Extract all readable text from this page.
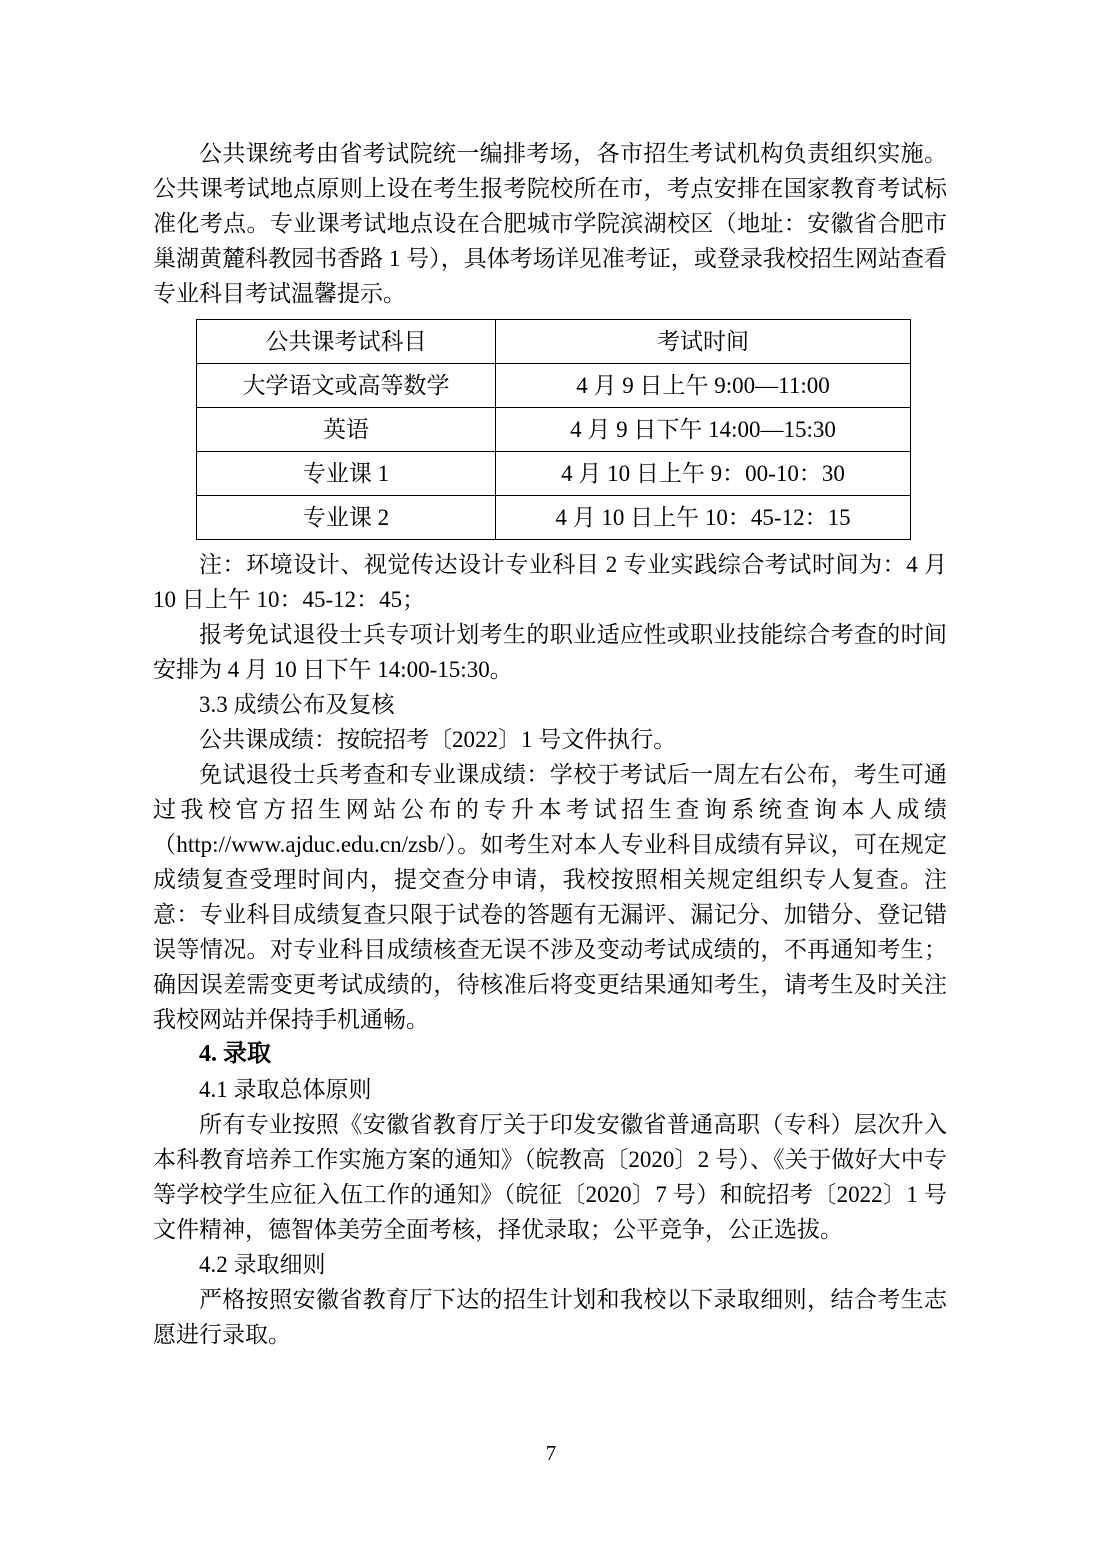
公共课统考由省考试院统一编排考场，各市招生考试机构负责组织实施。公共课考试地点原则上设在考生报考院校所在市，考点安排在国家教育考试标准化考点。专业课考试地点设在合肥城市学院滨湖校区（地址：安徽省合肥市巢湖黄麓科教园书香路 1 号），具体考场详见准考证，或登录我校招生网站查看专业科目考试温馨提示。

公共课考试科目	考试时间
大学语文或高等数学	4 月 9 日上午 9:00—11:00
英语	4 月 9 日下午 14:00—15:30
专业课 1	4 月 10 日上午 9：00-10：30
专业课 2	4 月 10 日上午 10：45-12：15

注：环境设计、视觉传达设计专业科目 2 专业实践综合考试时间为：4 月 10 日上午 10：45-12：45；

报考免试退役士兵专项计划考生的职业适应性或职业技能综合考查的时间安排为 4 月 10 日下午 14:00-15:30。

3.3 成绩公布及复核

公共课成绩：按皖招考〔2022〕1 号文件执行。

免试退役士兵考查和专业课成绩：学校于考试后一周左右公布，考生可通过我校官方招生网站公布的专升本考试招生查询系统查询本人成绩（http://www.ajduc.edu.cn/zsb/）。如考生对本人专业科目成绩有异议，可在规定成绩复查受理时间内，提交查分申请，我校按照相关规定组织专人复查。注意：专业科目成绩复查只限于试卷的答题有无漏评、漏记分、加错分、登记错误等情况。对专业科目成绩核查无误不涉及变动考试成绩的，不再通知考生；确因误差需变更考试成绩的，待核准后将变更结果通知考生，请考生及时关注我校网站并保持手机通畅。

4. 录取

4.1 录取总体原则

所有专业按照《安徽省教育厅关于印发安徽省普通高职（专科）层次升入本科教育培养工作实施方案的通知》（皖教高〔2020〕2 号）、《关于做好大中专等学校学生应征入伍工作的通知》（皖征〔2020〕7 号）和皖招考〔2022〕1 号文件精神，德智体美劳全面考核，择优录取；公平竞争，公正选拔。

4.2 录取细则

严格按照安徽省教育厅下达的招生计划和我校以下录取细则，结合考生志愿进行录取。

7
